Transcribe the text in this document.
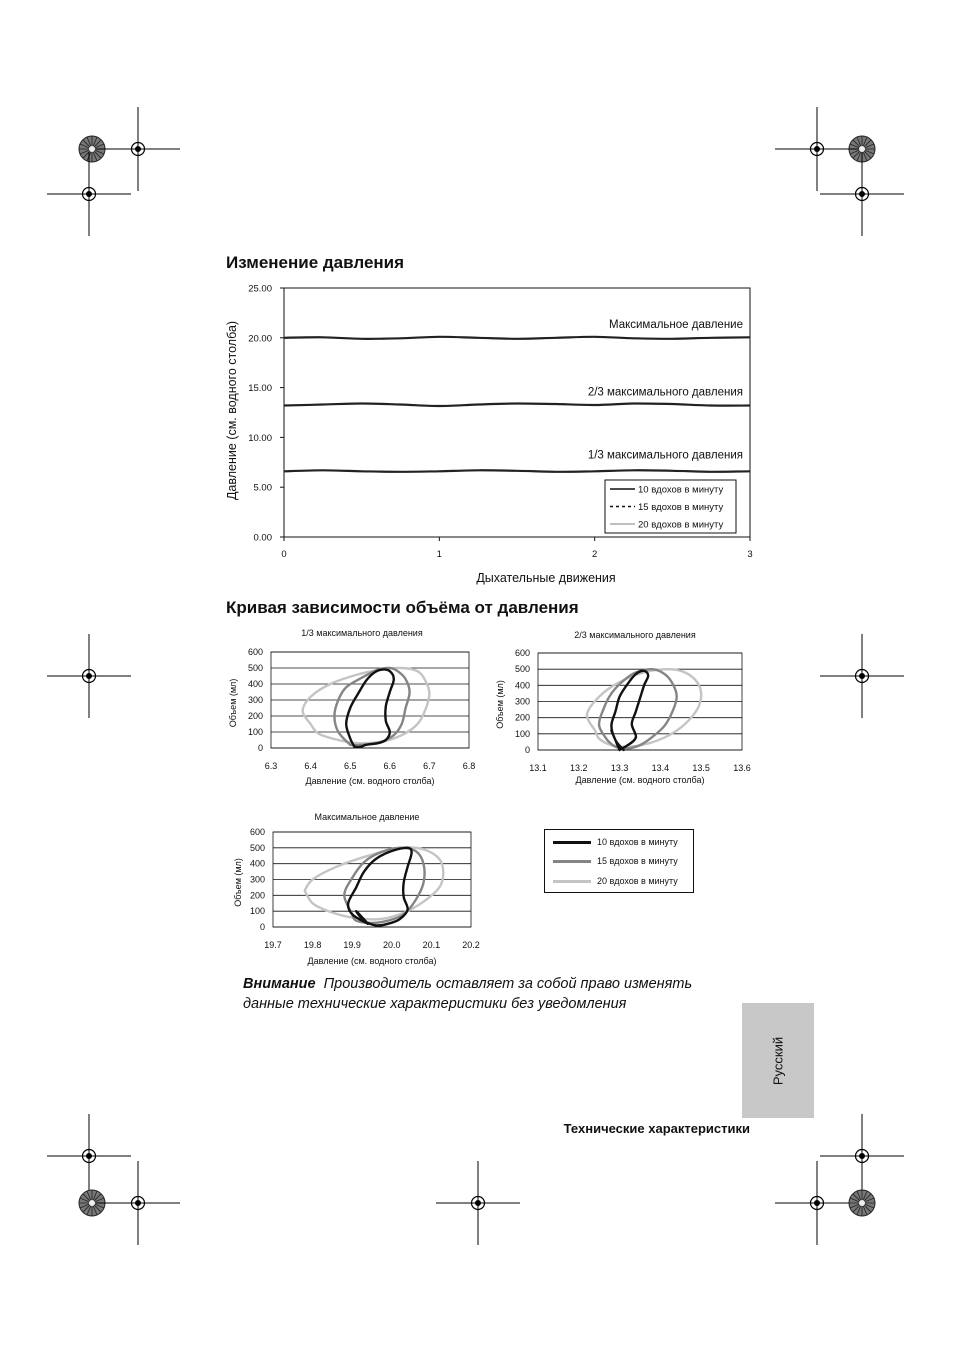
Изменение давления
0.00
5.00
10.00
15.00
20.00
25.00
0	1	2	3
Дыхательные движения
Давление (см. водного столба)	Максимальное давление
2/3 максимального давления
1/3 максимального давления
10 вдохов в минуту
15 вдохов в минуту
20 вдохов в минуту
Кривая зависимости объёма от давления
1/3 максимального давления
0
100
200
300
400
500
600
6.3	6.4	6.5	6.6	6.7	6.8
Давление (см. водного столба)
Объем (мл)
2/3 максимального давления
0
100
200
300
400
500
600
13.1	13.2	13.3	13.4	13.5	13.6
Давление (см. водного столба)
Объем (мл)
Максимальное давление
0
100
200
300
400
500
600
19.7 19.8 19.9 20.0 20.1 20.2
Давление (см. водного столба)
Объем (мл)
10 вдохов в минуту
15 вдохов в минуту
20 вдохов в минуту
Внимание Производитель оставляет за собой право изменять данные технические характеристики без уведомления
Русский
Технические характеристики
